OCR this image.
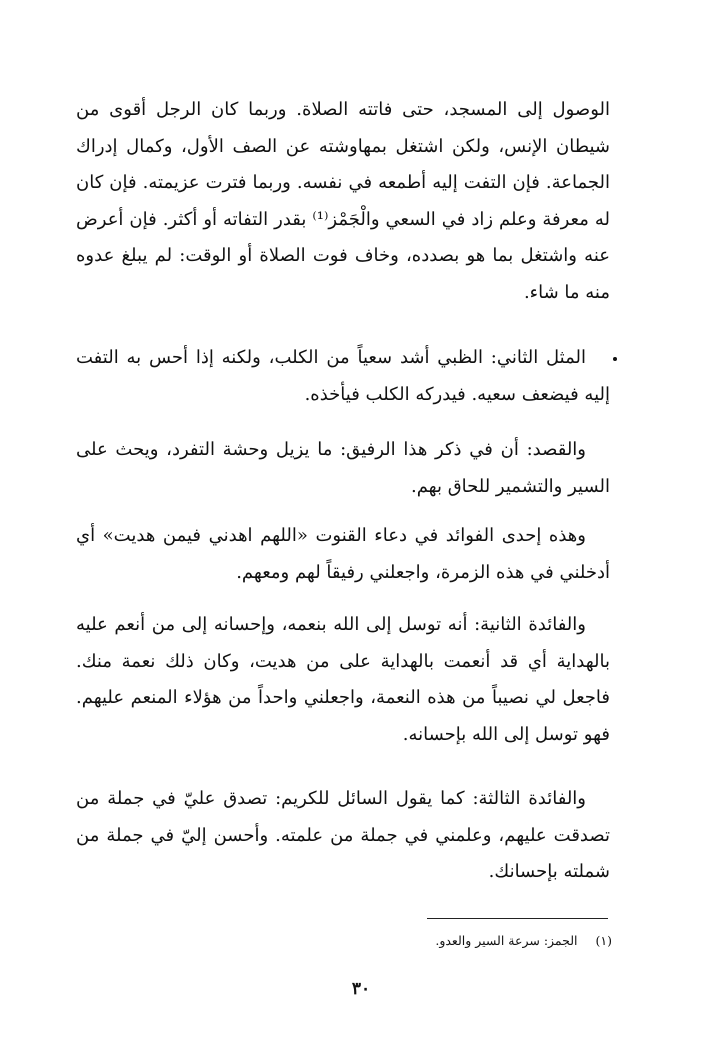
الوصول إلى المسجد، حتى فاتته الصلاة. وربما كان الرجل أقوى من شيطان الإنس، ولكن اشتغل بمهاوشته عن الصف الأول، وكمال إدراك الجماعة. فإن التفت إليه أطمعه في نفسه. وربما فترت عزيمته. فإن كان له معرفة وعلم زاد في السعي والْجَمْز⁽¹⁾ بقدر التفاته أو أكثر. فإن أعرض عنه واشتغل بما هو بصدده، وخاف فوت الصلاة أو الوقت: لم يبلغ عدوه منه ما شاء.

المثل الثاني: الظبي أشد سعياً من الكلب، ولكنه إذا أحس به التفت إليه فيضعف سعيه. فيدركه الكلب فيأخذه.

والقصد: أن في ذكر هذا الرفيق: ما يزيل وحشة التفرد، ويحث على السير والتشمير للحاق بهم.

وهذه إحدى الفوائد في دعاء القنوت «اللهم اهدني فيمن هديت» أي أدخلني في هذه الزمرة، واجعلني رفيقاً لهم ومعهم.

والفائدة الثانية: أنه توسل إلى الله بنعمه، وإحسانه إلى من أنعم عليه بالهداية أي قد أنعمت بالهداية على من هديت، وكان ذلك نعمة منك. فاجعل لي نصيباً من هذه النعمة، واجعلني واحداً من هؤلاء المنعم عليهم. فهو توسل إلى الله بإحسانه.

والفائدة الثالثة: كما يقول السائل للكريم: تصدق عليّ في جملة من تصدقت عليهم، وعلمني في جملة من علمته. وأحسن إليّ في جملة من شملته بإحسانك.

(١) الجمز: سرعة السير والعدو.

٣٠
